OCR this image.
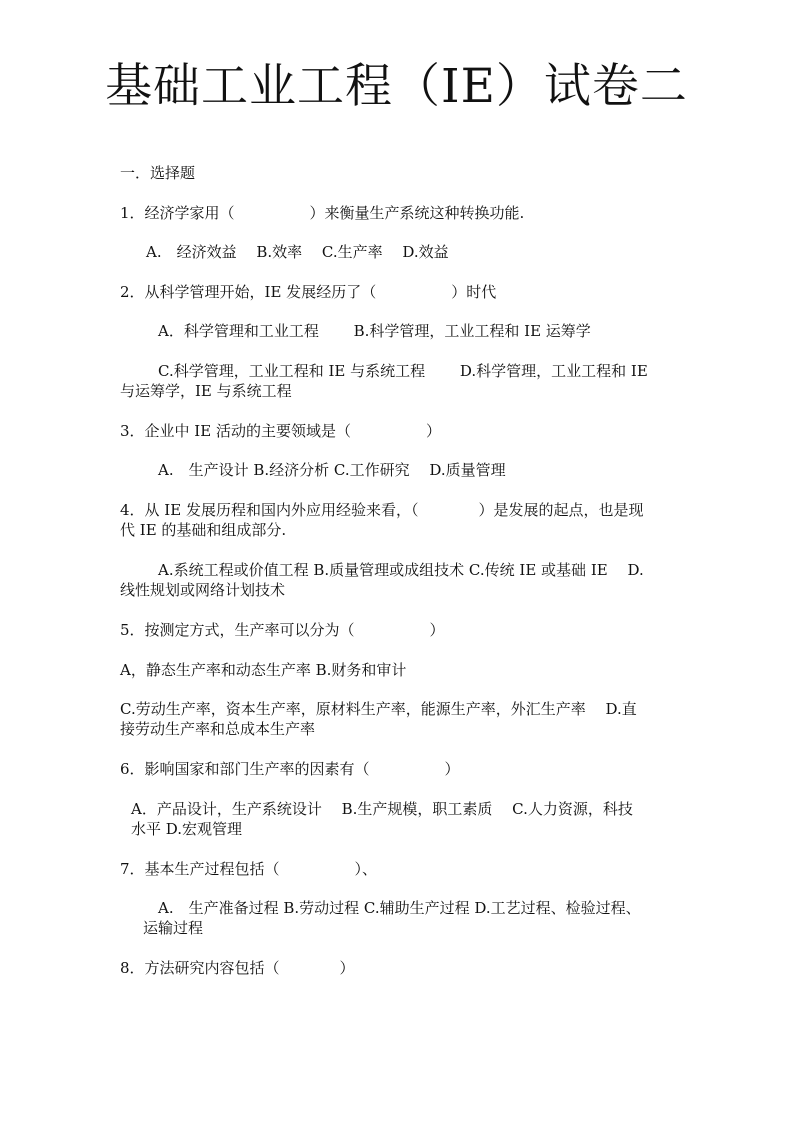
基础工业工程（IE）试卷二

一．选择题

1．经济学家用（　　　　　）来衡量生产系统这种转换功能.

A.　经济效益　 B.效率　 C.生产率　 D.效益

2．从科学管理开始，IE 发展经历了（　　　　　）时代

A．科学管理和工业工程　　 B.科学管理，工业工程和 IE 运筹学

C.科学管理，工业工程和 IE 与系统工程　　 D.科学管理，工业工程和 IE

与运筹学，IE 与系统工程

3．企业中 IE 活动的主要领域是（　　　　　）

A.　生产设计 B.经济分析 C.工作研究　 D.质量管理

4．从 IE 发展历程和国内外应用经验来看，（　　　　）是发展的起点，也是现

代 IE 的基础和组成部分.

A.系统工程或价值工程 B.质量管理或成组技术 C.传统 IE 或基础 IE　 D.

线性规划或网络计划技术

5．按测定方式，生产率可以分为（　　　　　）

A，静态生产率和动态生产率 B.财务和审计

C.劳动生产率，资本生产率，原材料生产率，能源生产率，外汇生产率　 D.直

接劳动生产率和总成本生产率

6．影响国家和部门生产率的因素有（　　　　　）

A．产品设计，生产系统设计　 B.生产规模，职工素质　 C.人力资源，科技

水平 D.宏观管理

7．基本生产过程包括（　　　　　）、

A.　生产准备过程 B.劳动过程 C.辅助生产过程 D.工艺过程、检验过程、

运输过程

8．方法研究内容包括（　　　　）
